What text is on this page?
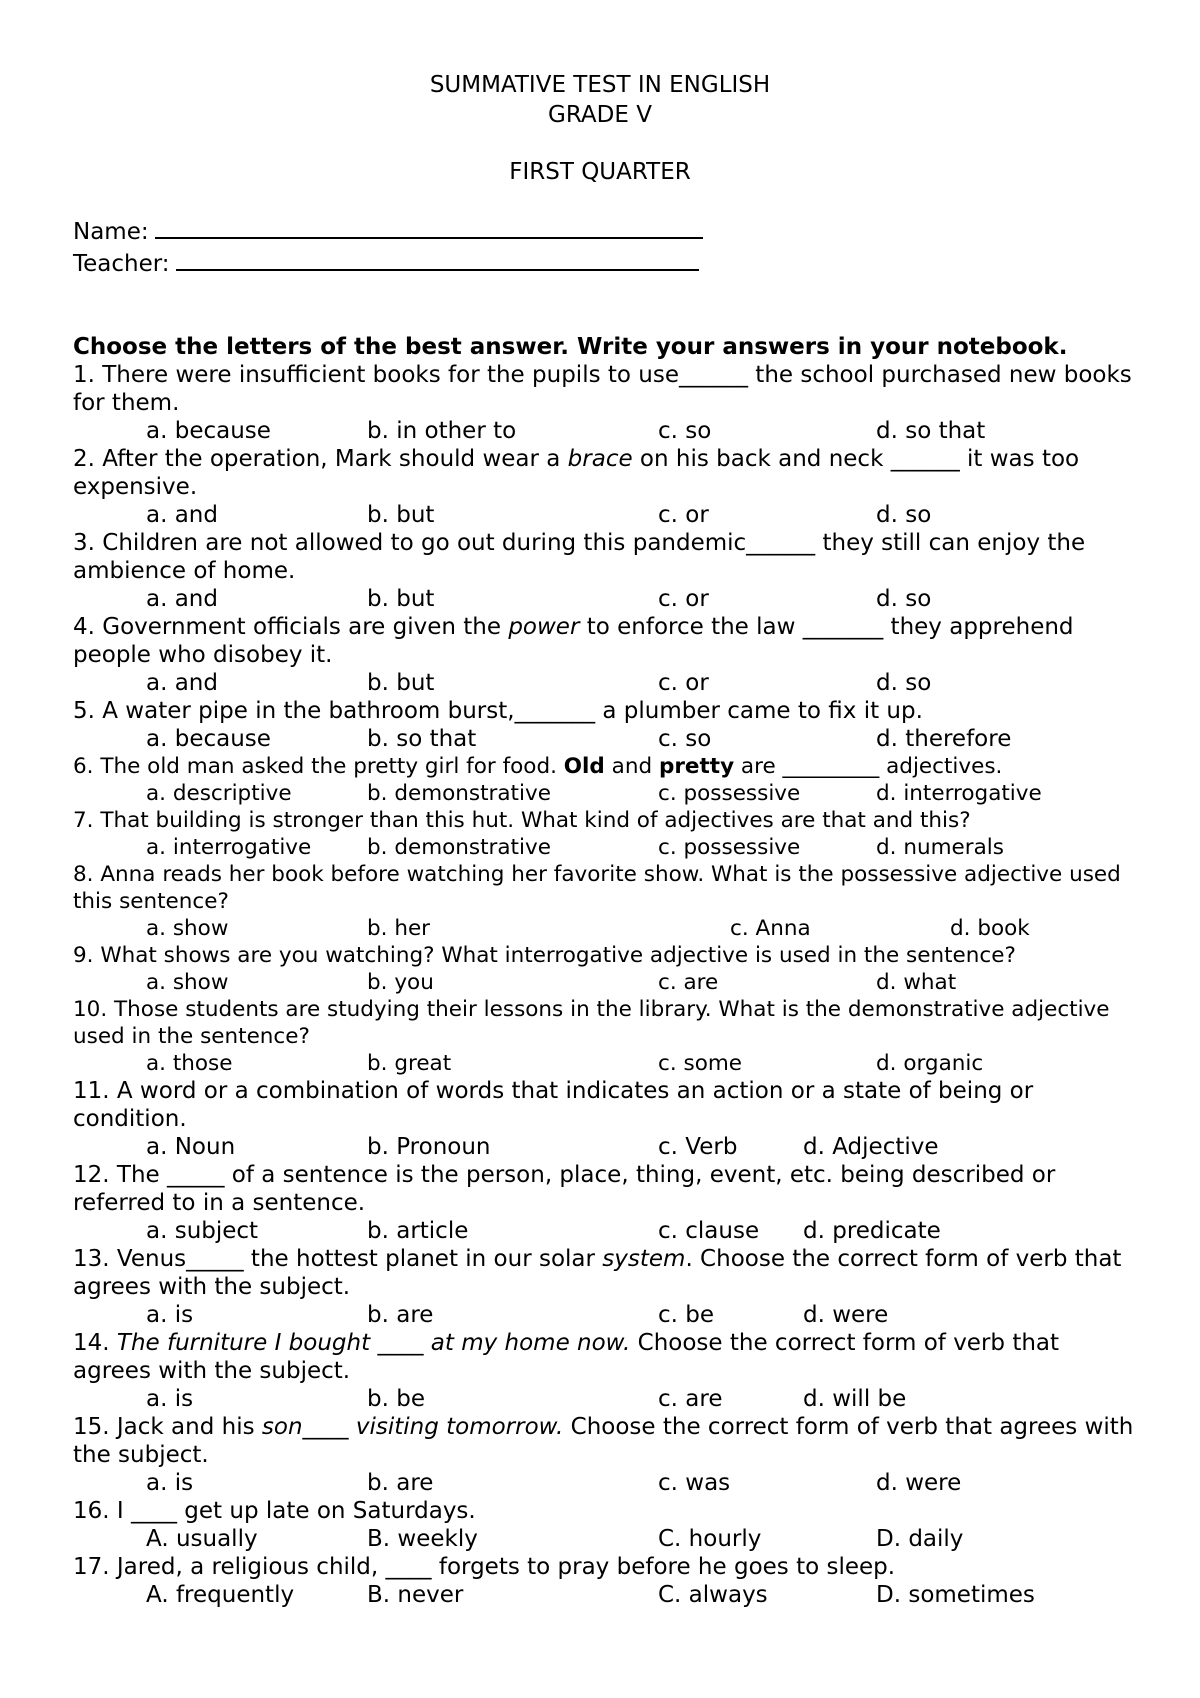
SUMMATIVE TEST IN ENGLISH
GRADE V
FIRST QUARTER
Name:
Teacher:
Choose the letters of the best answer. Write your answers in your notebook.
1. There were insufficient books for the pupils to use______ the school purchased new books for them.
a. because	b. in other to	c. so	d. so that
2. After the operation, Mark should wear a brace on his back and neck ______ it was too expensive.
a. and	b. but	c. or	d. so
3. Children are not allowed to go out during this pandemic______ they still can enjoy the ambience of home.
a. and	b. but	c. or	d. so
4. Government officials are given the power to enforce the law _______ they apprehend people who disobey it.
a. and	b. but	c. or	d. so
5. A water pipe in the bathroom burst,_______ a plumber came to fix it up.
a. because	b. so that	c. so	d. therefore
6. The old man asked the pretty girl for food. Old and pretty are _________ adjectives.
a. descriptive	b. demonstrative	c. possessive	d. interrogative
7. That building is stronger than this hut. What kind of adjectives are that and this?
a. interrogative	b. demonstrative	c. possessive	d. numerals
8. Anna reads her book before watching her favorite show. What is the possessive adjective used this sentence?
a. show	b. her	c. Anna	d. book
9. What shows are you watching? What interrogative adjective is used in the sentence?
a. show	b. you	c. are	d. what
10. Those students are studying their lessons in the library. What is the demonstrative adjective used in the sentence?
a. those	b. great	c. some	d. organic
11. A word or a combination of words that indicates an action or a state of being or condition.
a. Noun	b. Pronoun	c. Verb	d. Adjective
12. The _____ of a sentence is the person, place, thing, event, etc. being described or referred to in a sentence.
a. subject	b. article	c. clause d. predicate
13. Venus_____ the hottest planet in our solar system. Choose the correct form of verb that agrees with the subject.
a. is	b. are	c. be	d. were
14. The furniture I bought ____ at my home now. Choose the correct form of verb that agrees with the subject.
a. is	b. be	c. are	d. will be
15. Jack and his son____ visiting tomorrow. Choose the correct form of verb that agrees with the subject.
a. is	b. are	c. was	d. were
16. I ____ get up late on Saturdays.
A. usually	B. weekly	C. hourly	D. daily
17. Jared, a religious child, ____ forgets to pray before he goes to sleep.
A. frequently	B. never	C. always	D. sometimes
